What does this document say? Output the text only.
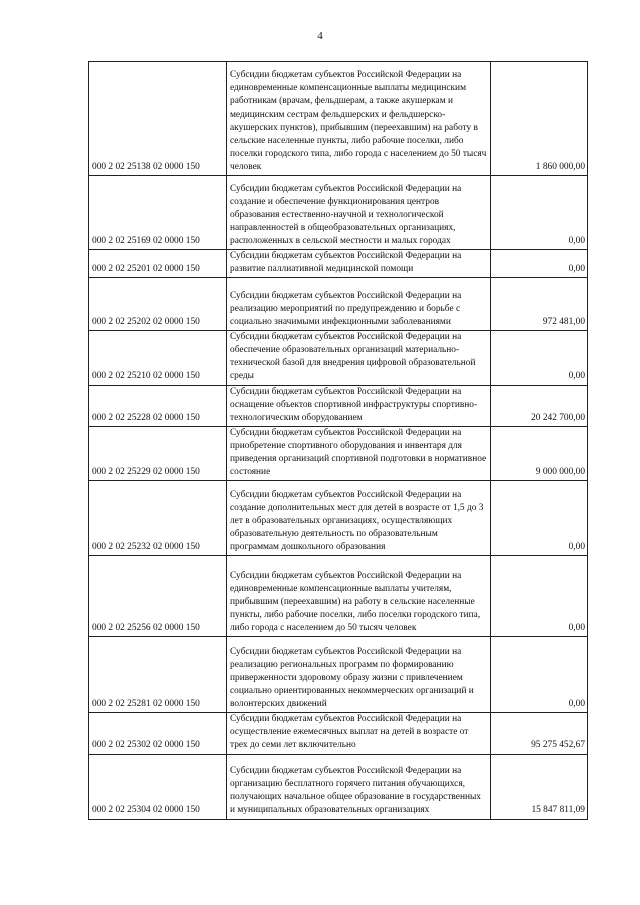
4
000 2 02 25138 02 0000 150	Субсидии бюджетам субъектов Российской Федерации на единовременные компенсационные выплаты медицинским работникам (врачам, фельдшерам, а также акушеркам и медицинским сестрам фельдшерских и фельдшерско-акушерских пунктов), прибывшим (переехавшим) на работу в сельские населенные пункты, либо рабочие поселки, либо поселки городского типа, либо города с населением до 50 тысяч человек	1 860 000,00
000 2 02 25169 02 0000 150	Субсидии бюджетам субъектов Российской Федерации на создание и обеспечение функционирования центров образования естественно-научной и технологической направленностей в общеобразовательных организациях, расположенных в сельской местности и малых городах	0,00
000 2 02 25201 02 0000 150	Субсидии бюджетам субъектов Российской Федерации на развитие паллиативной медицинской помощи	0,00
000 2 02 25202 02 0000 150	Субсидии бюджетам субъектов Российской Федерации на реализацию мероприятий по предупреждению и борьбе с социально значимыми инфекционными заболеваниями	972 481,00
000 2 02 25210 02 0000 150	Субсидии бюджетам субъектов Российской Федерации на обеспечение образовательных организаций материально-технической базой для внедрения цифровой образовательной среды	0,00
000 2 02 25228 02 0000 150	Субсидии бюджетам субъектов Российской Федерации на оснащение объектов спортивной инфраструктуры спортивно-технологическим оборудованием	20 242 700,00
000 2 02 25229 02 0000 150	Субсидии бюджетам субъектов Российской Федерации на приобретение спортивного оборудования и инвентаря для приведения организаций спортивной подготовки в нормативное состояние	9 000 000,00
000 2 02 25232 02 0000 150	Субсидии бюджетам субъектов Российской Федерации на создание дополнительных мест для детей в возрасте от 1,5 до 3 лет в образовательных организациях, осуществляющих образовательную деятельность по образовательным программам дошкольного образования	0,00
000 2 02 25256 02 0000 150	Субсидии бюджетам субъектов Российской Федерации на единовременные компенсационные выплаты учителям, прибывшим (переехавшим) на работу в сельские населенные пункты, либо рабочие поселки, либо поселки городского типа, либо города с населением до 50 тысяч человек	0,00
000 2 02 25281 02 0000 150	Субсидии бюджетам субъектов Российской Федерации на реализацию региональных программ по формированию приверженности здоровому образу жизни с привлечением социально ориентированных некоммерческих организаций и волонтерских движений	0,00
000 2 02 25302 02 0000 150	Субсидии бюджетам субъектов Российской Федерации на осуществление ежемесячных выплат на детей в возрасте от трех до семи лет включительно	95 275 452,67
000 2 02 25304 02 0000 150	Субсидии бюджетам субъектов Российской Федерации на организацию бесплатного горячего питания обучающихся, получающих начальное общее образование в государственных и муниципальных образовательных организациях	15 847 811,09
